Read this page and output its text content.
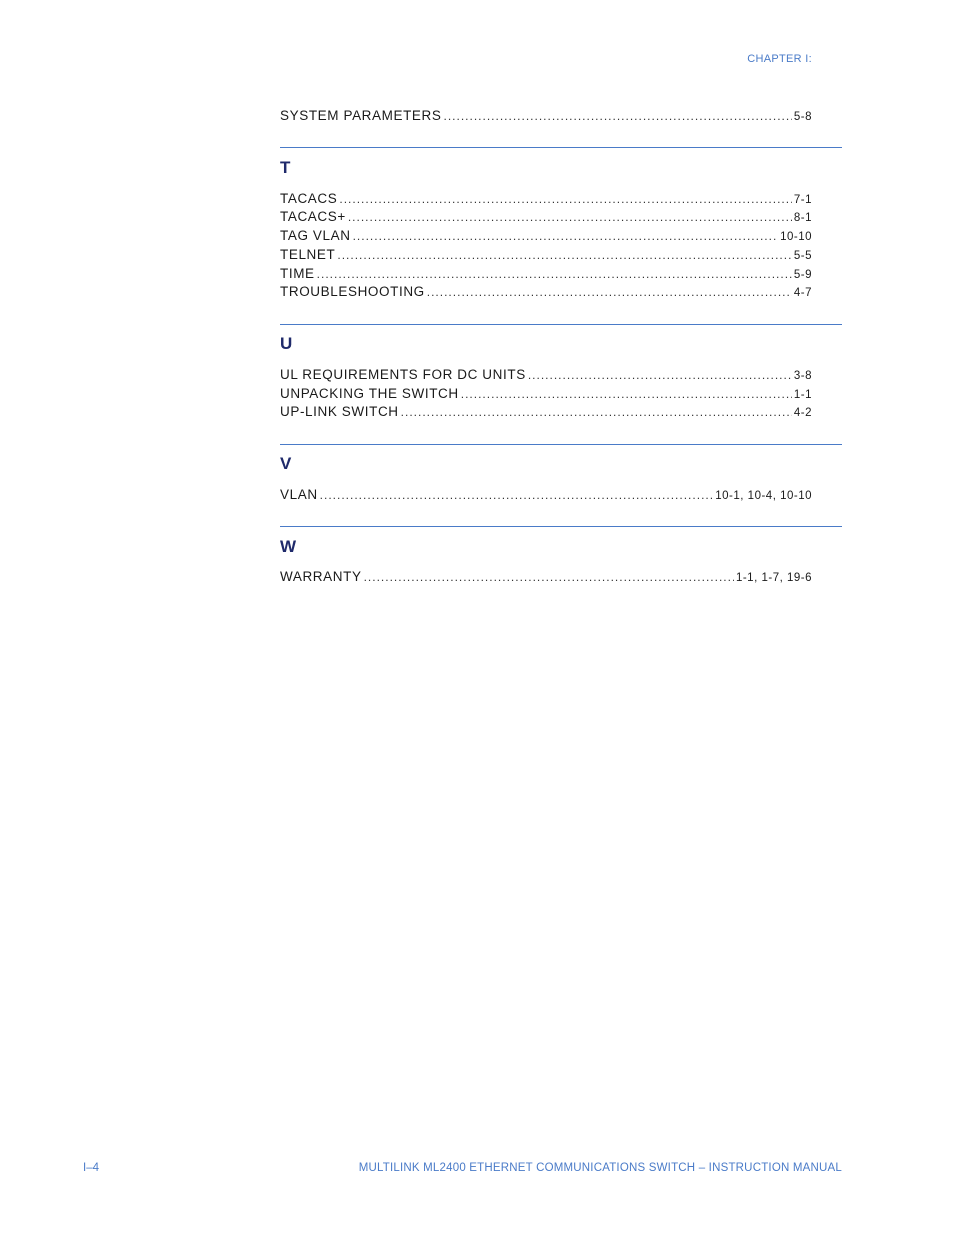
CHAPTER I:
SYSTEM PARAMETERS .....	5-8
T
TACACS .....	7-1
TACACS+ .....	8-1
TAG VLAN .....	10-10
TELNET .....	5-5
TIME .....	5-9
TROUBLESHOOTING .....	4-7
U
UL REQUIREMENTS FOR DC UNITS .....	3-8
UNPACKING THE SWITCH .....	1-1
UP-LINK SWITCH .....	4-2
V
VLAN .....	10-1, 10-4, 10-10
W
WARRANTY .....	1-1, 1-7, 19-6
I–4	MULTILINK ML2400 ETHERNET COMMUNICATIONS SWITCH – INSTRUCTION MANUAL
